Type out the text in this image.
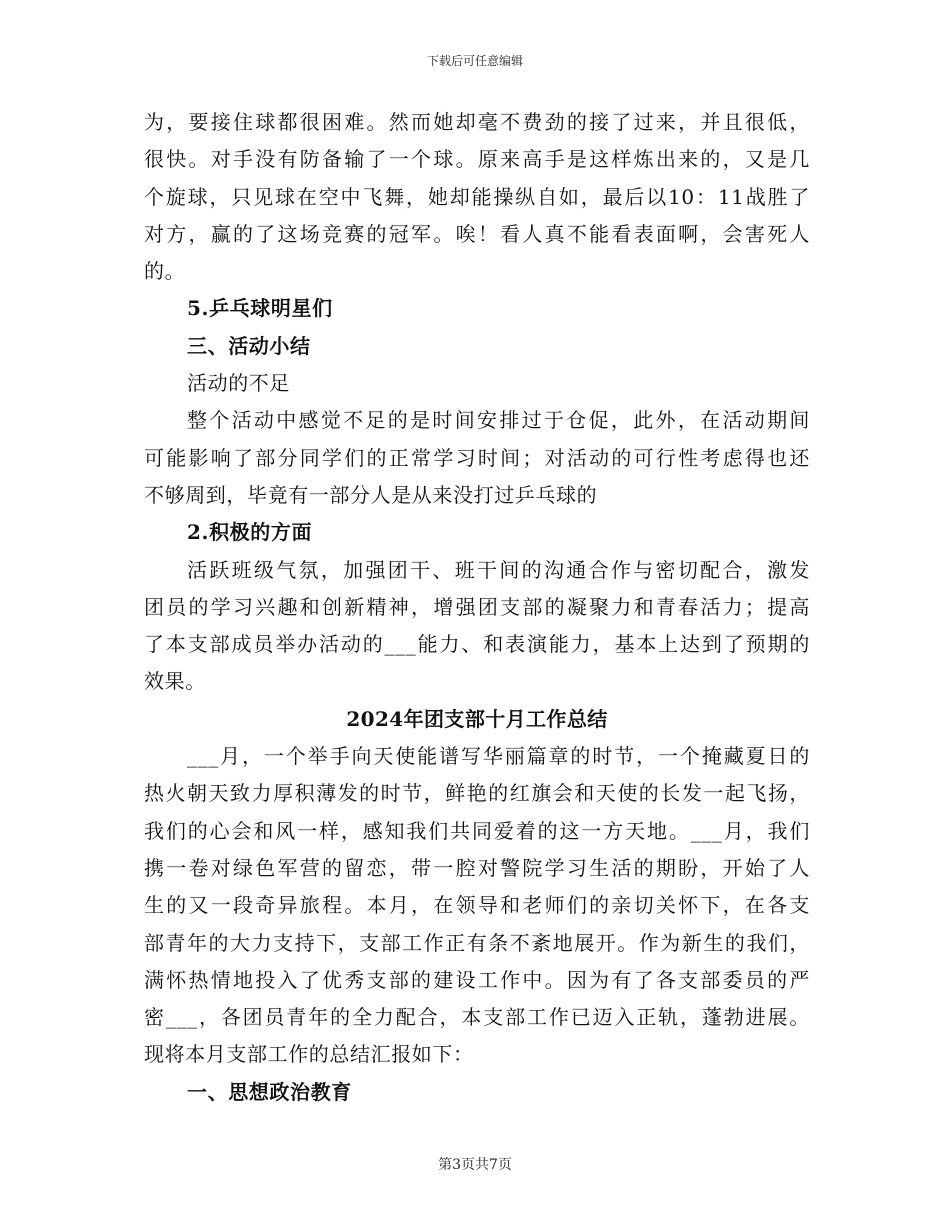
下载后可任意编辑
为，要接住球都很困难。然而她却毫不费劲的接了过来，并且很低，
很快。对手没有防备输了一个球。原来高手是这样炼出来的，又是几
个旋球，只见球在空中飞舞，她却能操纵自如，最后以10：11战胜了
对方，赢的了这场竞赛的冠军。唉！看人真不能看表面啊，会害死人
的。
5.乒乓球明星们
三、活动小结
活动的不足
整个活动中感觉不足的是时间安排过于仓促，此外，在活动期间
可能影响了部分同学们的正常学习时间；对活动的可行性考虑得也还
不够周到，毕竟有一部分人是从来没打过乒乓球的
2.积极的方面
活跃班级气氛，加强团干、班干间的沟通合作与密切配合，激发
团员的学习兴趣和创新精神，增强团支部的凝聚力和青春活力；提高
了本支部成员举办活动的___能力、和表演能力，基本上达到了预期的
效果。
2024年团支部十月工作总结
___月，一个举手向天使能谱写华丽篇章的时节，一个掩藏夏日的
热火朝天致力厚积薄发的时节，鲜艳的红旗会和天使的长发一起飞扬，
我们的心会和风一样，感知我们共同爱着的这一方天地。___月，我们
携一卷对绿色军营的留恋，带一腔对警院学习生活的期盼，开始了人
生的又一段奇异旅程。本月，在领导和老师们的亲切关怀下，在各支
部青年的大力支持下，支部工作正有条不紊地展开。作为新生的我们，
满怀热情地投入了优秀支部的建设工作中。因为有了各支部委员的严
密___，各团员青年的全力配合，本支部工作已迈入正轨，蓬勃进展。
现将本月支部工作的总结汇报如下：
一、思想政治教育
第3页共7页
